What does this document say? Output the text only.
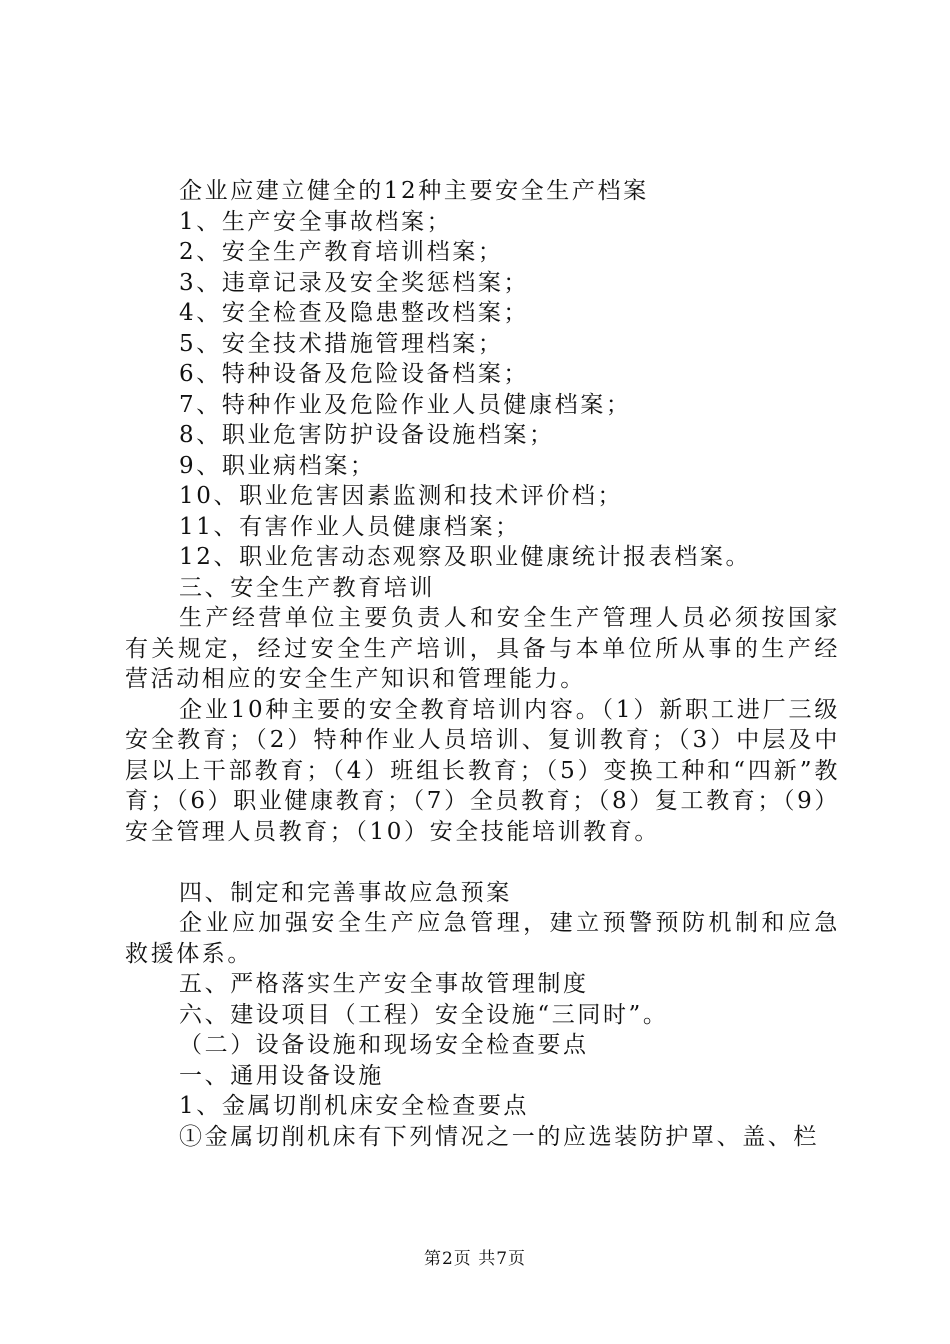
企业应建立健全的12种主要安全生产档案
1、生产安全事故档案；
2、安全生产教育培训档案；
3、违章记录及安全奖惩档案；
4、安全检查及隐患整改档案；
5、安全技术措施管理档案；
6、特种设备及危险设备档案；
7、特种作业及危险作业人员健康档案；
8、职业危害防护设备设施档案；
9、职业病档案；
10、职业危害因素监测和技术评价档；
11、有害作业人员健康档案；
12、职业危害动态观察及职业健康统计报表档案。
三、安全生产教育培训
生产经营单位主要负责人和安全生产管理人员必须按国家有关规定，经过安全生产培训，具备与本单位所从事的生产经营活动相应的安全生产知识和管理能力。
企业10种主要的安全教育培训内容。（1）新职工进厂三级安全教育；（2）特种作业人员培训、复训教育；（3）中层及中层以上干部教育；（4）班组长教育；（5）变换工种和“四新”教育；（6）职业健康教育；（7）全员教育；（8）复工教育；（9）安全管理人员教育；（10）安全技能培训教育。
四、制定和完善事故应急预案
企业应加强安全生产应急管理，建立预警预防机制和应急救援体系。
五、严格落实生产安全事故管理制度
六、建设项目（工程）安全设施“三同时”。
（二）设备设施和现场安全检查要点
一、通用设备设施
1、金属切削机床安全检查要点
①金属切削机床有下列情况之一的应选装防护罩、盖、栏
第2页 共7页
